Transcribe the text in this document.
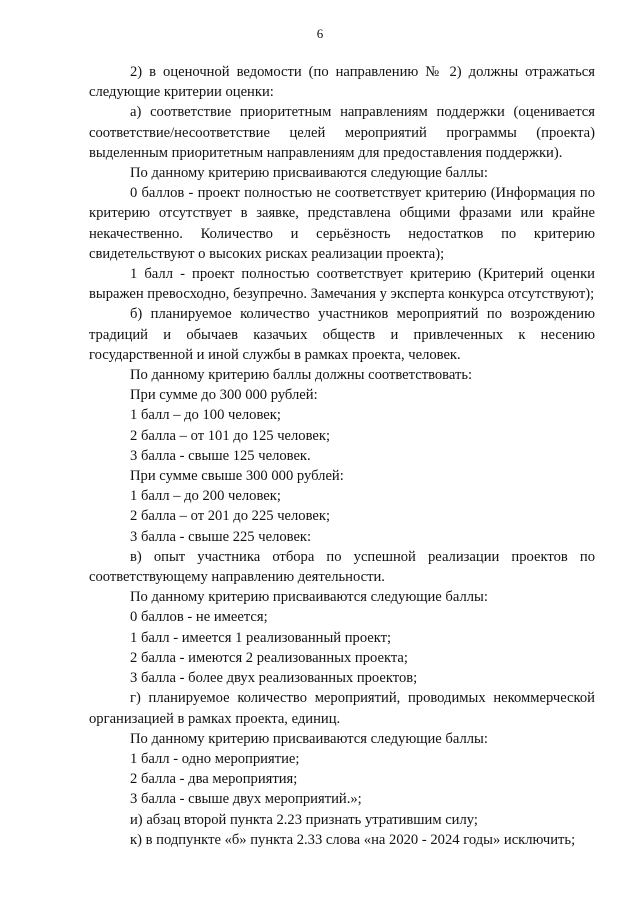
6

2) в оценочной ведомости (по направлению № 2) должны отражаться следующие критерии оценки:

а) соответствие приоритетным направлениям поддержки (оценивается соответствие/несоответствие целей мероприятий программы (проекта) выделенным приоритетным направлениям для предоставления поддержки).

По данному критерию присваиваются следующие баллы:

0 баллов - проект полностью не соответствует критерию (Информация по критерию отсутствует в заявке, представлена общими фразами или крайне некачественно. Количество и серьёзность недостатков по критерию свидетельствуют о высоких рисках реализации проекта);

1 балл - проект полностью соответствует критерию (Критерий оценки выражен превосходно, безупречно. Замечания у эксперта конкурса отсутствуют);

б) планируемое количество участников мероприятий по возрождению традиций и обычаев казачьих обществ и привлеченных к несению государственной и иной службы в рамках проекта, человек.

По данному критерию баллы должны соответствовать:

При сумме до 300 000 рублей:

1 балл – до 100 человек;

2 балла – от 101 до 125 человек;

3 балла - свыше 125 человек.

При сумме свыше 300 000 рублей:

1 балл – до 200 человек;

2 балла – от 201 до 225 человек;

3 балла - свыше 225 человек:

в) опыт участника отбора по успешной реализации проектов по соответствующему направлению деятельности.

По данному критерию присваиваются следующие баллы:

0 баллов - не имеется;

1 балл - имеется 1 реализованный проект;

2 балла - имеются 2 реализованных проекта;

3 балла - более двух реализованных проектов;

г) планируемое количество мероприятий, проводимых некоммерческой организацией в рамках проекта, единиц.

По данному критерию присваиваются следующие баллы:

1 балл - одно мероприятие;

2 балла - два мероприятия;

3 балла - свыше двух мероприятий.»;

и) абзац второй пункта 2.23 признать утратившим силу;

к) в подпункте «б» пункта 2.33 слова «на 2020 - 2024 годы» исключить;
